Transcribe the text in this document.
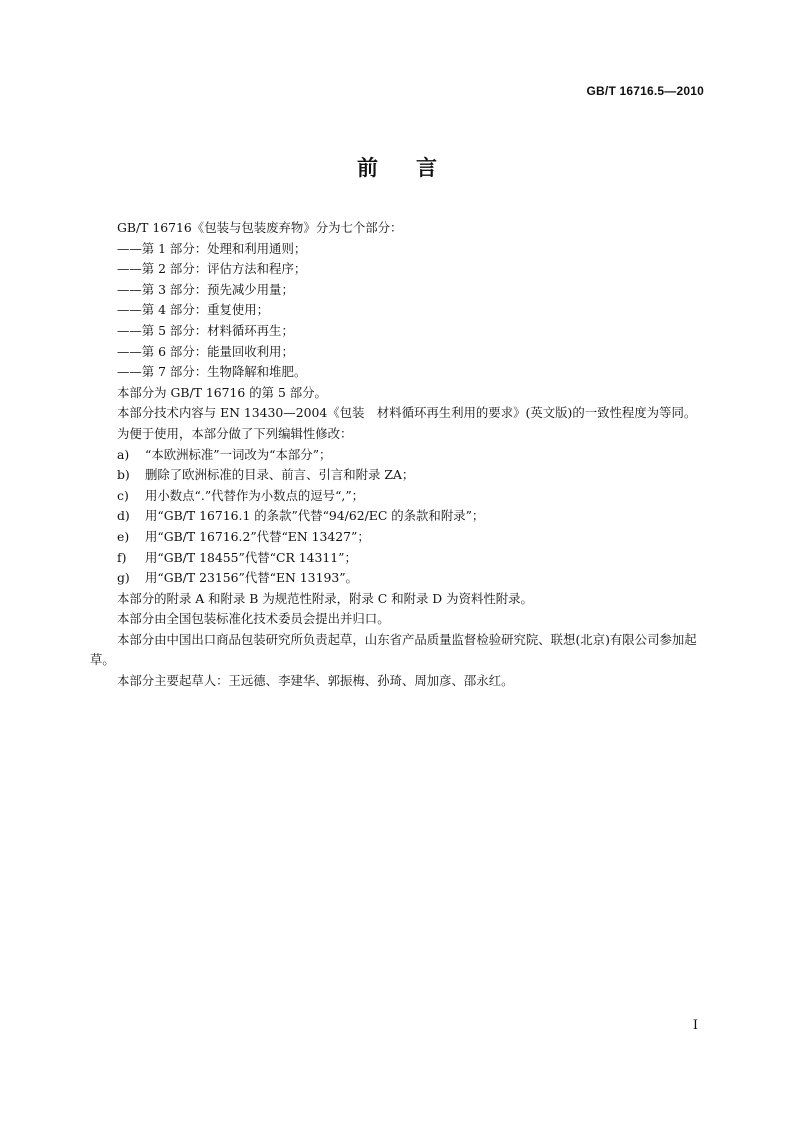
GB/T 16716.5—2010
前言

GB/T 16716《包装与包装废弃物》分为七个部分：

——第 1 部分：处理和利用通则；

——第 2 部分：评估方法和程序；

——第 3 部分：预先减少用量；

——第 4 部分：重复使用；

——第 5 部分：材料循环再生；

——第 6 部分：能量回收利用；

——第 7 部分：生物降解和堆肥。

本部分为 GB/T 16716 的第 5 部分。

本部分技术内容与 EN 13430—2004《包装　材料循环再生利用的要求》(英文版)的一致性程度为等同。

为便于使用，本部分做了下列编辑性修改：

a) “本欧洲标准”一词改为“本部分”；

b) 删除了欧洲标准的目录、前言、引言和附录 ZA；

c) 用小数点“.”代替作为小数点的逗号“,”；

d) 用“GB/T 16716.1 的条款”代替“94/62/EC 的条款和附录”；

e) 用“GB/T 16716.2”代替“EN 13427”；

f) 用“GB/T 18455”代替“CR 14311”；

g) 用“GB/T 23156”代替“EN 13193”。

本部分的附录 A 和附录 B 为规范性附录，附录 C 和附录 D 为资料性附录。

本部分由全国包装标准化技术委员会提出并归口。

本部分由中国出口商品包装研究所负责起草，山东省产品质量监督检验研究院、联想(北京)有限公司参加起草。

本部分主要起草人：王远德、李建华、郭振梅、孙琦、周加彦、邵永红。

I
